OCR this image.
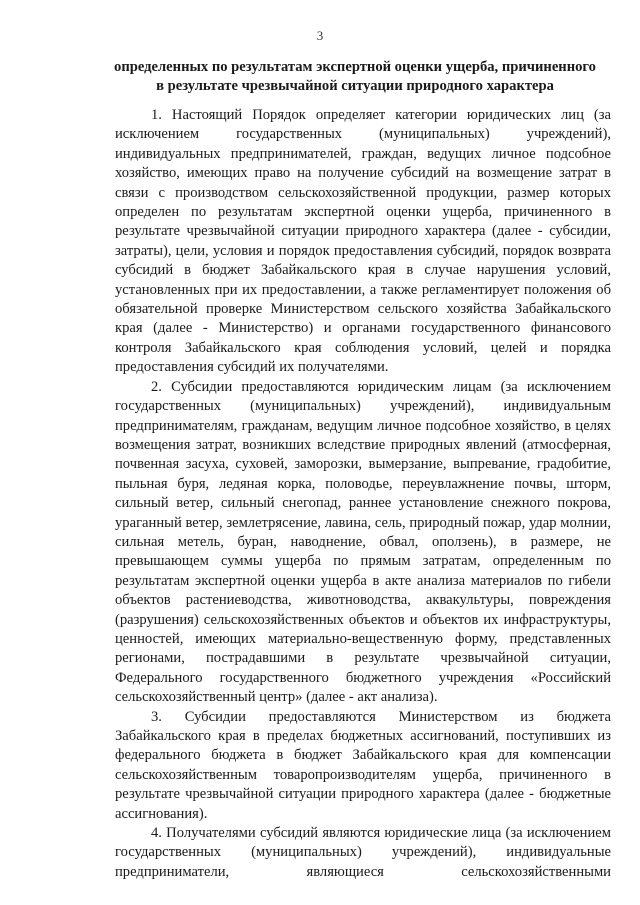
3
определенных по результатам экспертной оценки ущерба, причиненного
в результате чрезвычайной ситуации природного характера

1. Настоящий Порядок определяет категории юридических лиц (за исключением государственных (муниципальных) учреждений), индивидуальных предпринимателей, граждан, ведущих личное подсобное хозяйство, имеющих право на получение субсидий на возмещение затрат в связи с производством сельскохозяйственной продукции, размер которых определен по результатам экспертной оценки ущерба, причиненного в результате чрезвычайной ситуации природного характера (далее - субсидии, затраты), цели, условия и порядок предоставления субсидий, порядок возврата субсидий в бюджет Забайкальского края в случае нарушения условий, установленных при их предоставлении, а также регламентирует положения об обязательной проверке Министерством сельского хозяйства Забайкальского края (далее - Министерство) и органами государственного финансового контроля Забайкальского края соблюдения условий, целей и порядка предоставления субсидий их получателями.

2. Субсидии предоставляются юридическим лицам (за исключением государственных (муниципальных) учреждений), индивидуальным предпринимателям, гражданам, ведущим личное подсобное хозяйство, в целях возмещения затрат, возникших вследствие природных явлений (атмосферная, почвенная засуха, суховей, заморозки, вымерзание, выпревание, градобитие, пыльная буря, ледяная корка, половодье, переувлажнение почвы, шторм, сильный ветер, сильный снегопад, раннее установление снежного покрова, ураганный ветер, землетрясение, лавина, сель, природный пожар, удар молнии, сильная метель, буран, наводнение, обвал, оползень), в размере, не превышающем суммы ущерба по прямым затратам, определенным по результатам экспертной оценки ущерба в акте анализа материалов по гибели объектов растениеводства, животноводства, аквакультуры, повреждения (разрушения) сельскохозяйственных объектов и объектов их инфраструктуры, ценностей, имеющих материально-вещественную форму, представленных регионами, пострадавшими в результате чрезвычайной ситуации, Федерального государственного бюджетного учреждения «Российский сельскохозяйственный центр» (далее - акт анализа).

3. Субсидии предоставляются Министерством из бюджета Забайкальского края в пределах бюджетных ассигнований, поступивших из федерального бюджета в бюджет Забайкальского края для компенсации сельскохозяйственным товаропроизводителям ущерба, причиненного в результате чрезвычайной ситуации природного характера (далее - бюджетные ассигнования).

4. Получателями субсидий являются юридические лица (за исключением государственных (муниципальных) учреждений), индивидуальные предприниматели, являющиеся сельскохозяйственными
